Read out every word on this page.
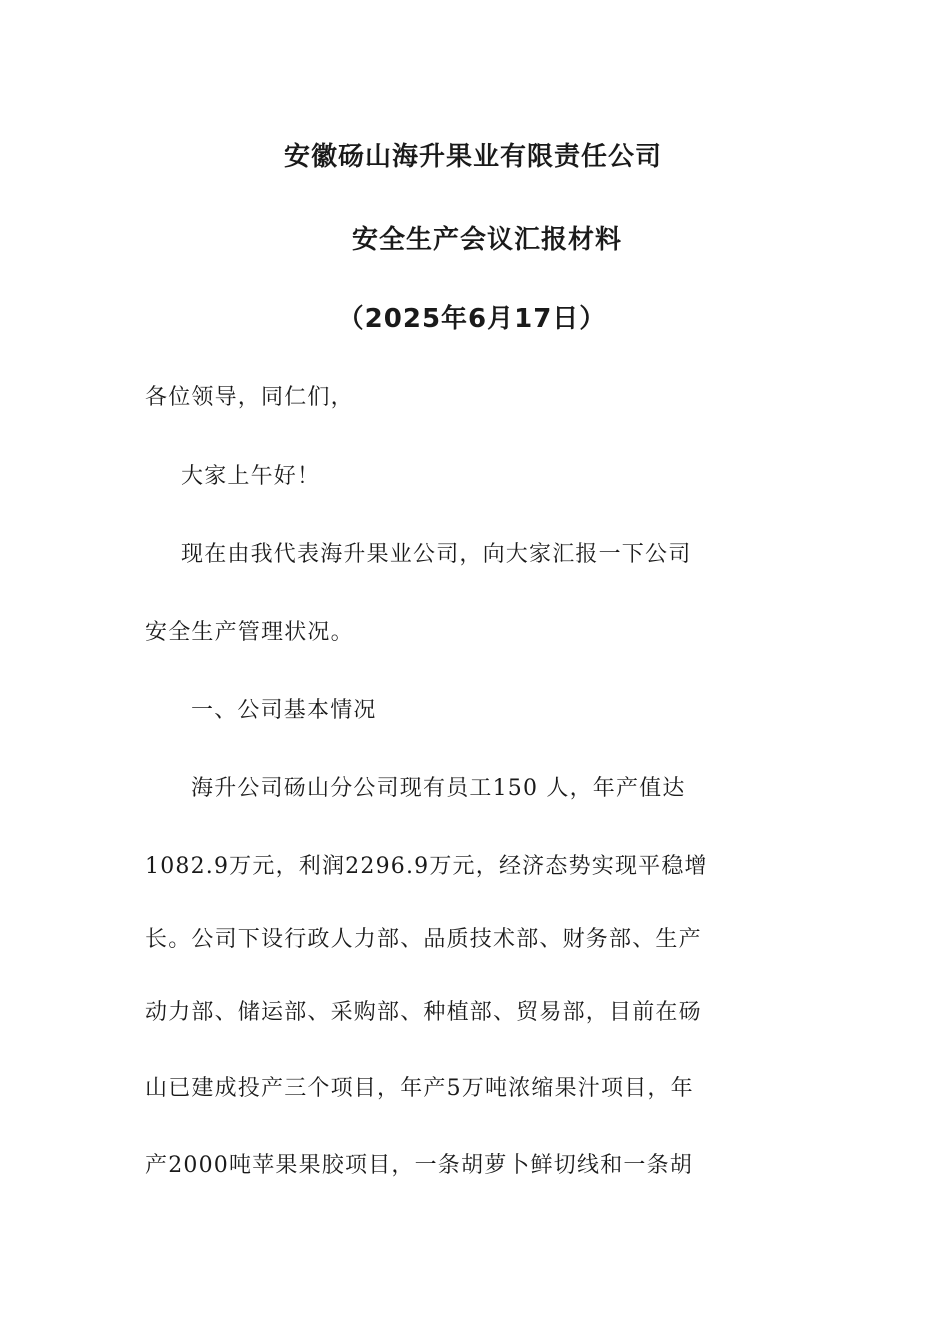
安徽砀山海升果业有限责任公司
安全生产会议汇报材料
（2025年6月17日）
各位领导，同仁们，
大家上午好！
现在由我代表海升果业公司，向大家汇报一下公司
安全生产管理状况。
一、公司基本情况
海升公司砀山分公司现有员工150 人，年产值达
1082.9万元，利润2296.9万元，经济态势实现平稳增
长。公司下设行政人力部、品质技术部、财务部、生产
动力部、储运部、采购部、种植部、贸易部，目前在砀
山已建成投产三个项目，年产5万吨浓缩果汁项目，年
产2000吨苹果果胶项目，一条胡萝卜鲜切线和一条胡
